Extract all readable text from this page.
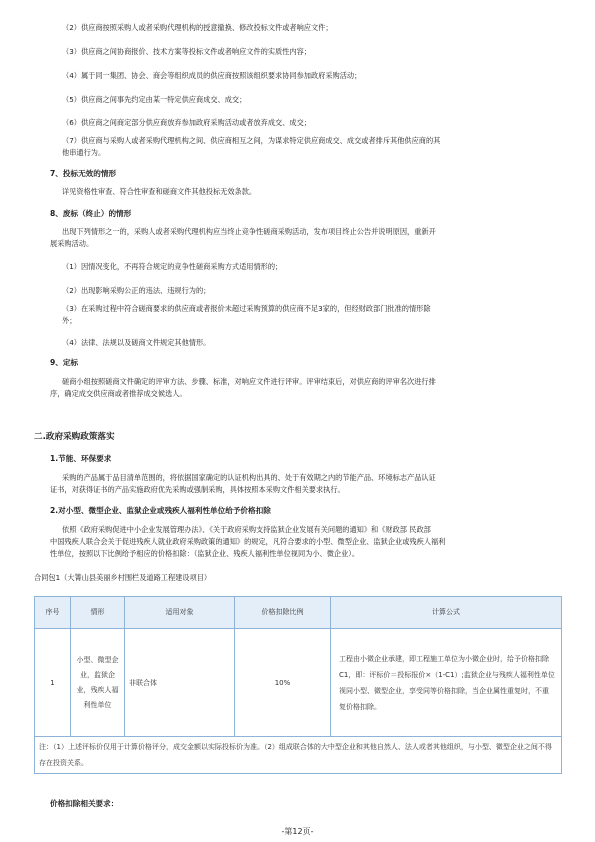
（2）供应商按照采购人或者采购代理机构的授意撤换、修改投标文件或者响应文件；
（3）供应商之间协商报价、技术方案等投标文件或者响应文件的实质性内容；
（4）属于同一集团、协会、商会等组织成员的供应商按照该组织要求协同参加政府采购活动；
（5）供应商之间事先约定由某一特定供应商成交、成交；
（6）供应商之间商定部分供应商放弃参加政府采购活动或者放弃成交、成交；
（7）供应商与采购人或者采购代理机构之间、供应商相互之间，为谋求特定供应商成交、成交或者排斥其他供应商的其
他串通行为。
7、投标无效的情形
详见资格性审查、符合性审查和磋商文件其他投标无效条款。
8、废标（终止）的情形
出现下列情形之一的，采购人或者采购代理机构应当终止竞争性磋商采购活动，发布项目终止公告并说明原因，重新开
展采购活动。
（1）因情况变化，不再符合规定的竞争性磋商采购方式适用情形的；
（2）出现影响采购公正的违法、违规行为的；
（3）在采购过程中符合磋商要求的供应商或者报价未超过采购预算的供应商不足3家的，但经财政部门批准的情形除
外；
（4）法律、法规以及磋商文件规定其他情形。
9、定标
磋商小组按照磋商文件确定的评审方法、步骤、标准，对响应文件进行评审。评审结束后，对供应商的评审名次进行排
序，确定成交供应商或者推荐成交候选人。
二.政府采购政策落实
1.节能、环保要求
采购的产品属于品目清单范围的，将依据国家确定的认证机构出具的、处于有效期之内的节能产品、环境标志产品认证
证书，对获得证书的产品实施政府优先采购或强制采购，具体按照本采购文件相关要求执行。
2.对小型、微型企业、监狱企业或残疾人福利性单位给予价格扣除
依照《政府采购促进中小企业发展管理办法》、《关于政府采购支持监狱企业发展有关问题的通知》和《财政部 民政部
中国残疾人联合会关于促进残疾人就业政府采购政策的通知》的规定，凡符合要求的小型、微型企业、监狱企业或残疾人福利
性单位，按照以下比例给予相应的价格扣除：（监狱企业、残疾人福利性单位视同为小、微企业）。
合同包1（大箐山县美丽乡村围栏及道路工程建设项目）
序号	情形	适用对象	价格扣除比例	计算公式
1	小型、微型企业，监狱企业，残疾人福利性单位	非联合体	10%	工程由小微企业承建，即工程施工单位为小微企业时，给予价格扣除C1，即：评标价＝投标报价×（1-C1）;监狱企业与残疾人福利性单位视同小型、微型企业，享受同等价格扣除，当企业属性重复时，不重复价格扣除。
注：（1）上述评标价仅用于计算价格评分，成交金额以实际投标价为准。（2）组成联合体的大中型企业和其他自然人、法人或者其他组织，与小型、微型企业之间不得存在投资关系。				
价格扣除相关要求：
-第12页-
